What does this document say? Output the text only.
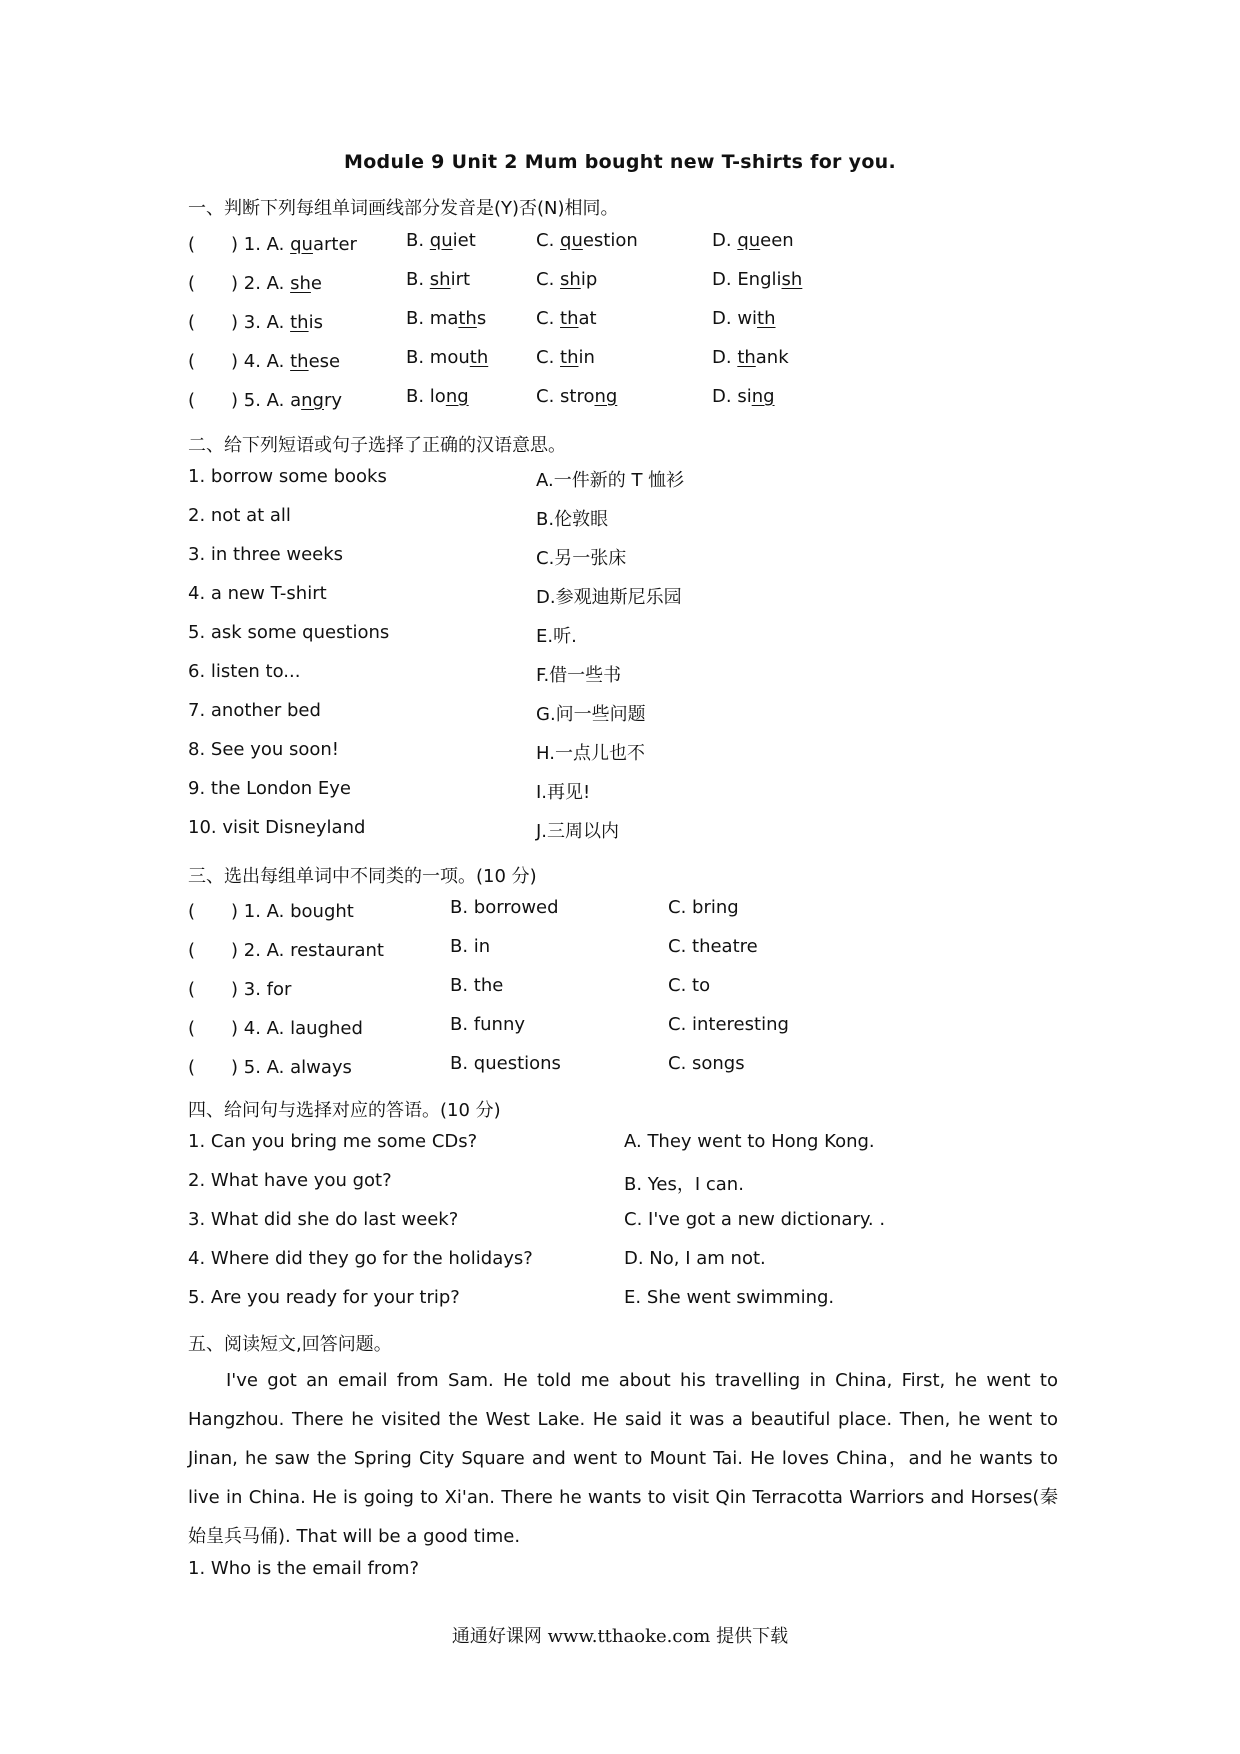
Module 9 Unit 2 Mum bought new T-shirts for you.
一、判断下列每组单词画线部分发音是(Y)否(N)相同。
(　　) 1. A. quarter	B. quiet	C. question	D. queen
(　　) 2. A. she	B. shirt	C. ship	D. English
(　　) 3. A. this	B. maths	C. that	D. with
(　　) 4. A. these	B. mouth	C. thin	D. thank
(　　) 5. A. angry	B. long	C. strong	D. sing
二、给下列短语或句子选择了正确的汉语意思。
1. borrow some books	A.一件新的 T 恤衫
2. not at all	B.伦敦眼
3. in three weeks	C.另一张床
4. a new T-shirt	D.参观迪斯尼乐园
5. ask some questions	E.听.
6. listen to...	F.借一些书
7. another bed	G.问一些问题
8. See you soon!	H.一点儿也不
9. the London Eye	I.再见!
10. visit Disneyland	J.三周以内
三、选出每组单词中不同类的一项。(10 分)
(　　) 1. A. bought	B. borrowed	C. bring
(　　) 2. A. restaurant	B. in	C. theatre
(　　) 3. for	B. the	C. to
(　　) 4. A. laughed	B. funny	C. interesting
(　　) 5. A. always	B. questions	C. songs
四、给问句与选择对应的答语。(10 分)
1. Can you bring me some CDs?	A. They went to Hong Kong.
2. What have you got?	B. Yes，I can.
3. What did she do last week?	C. I've got a new dictionary. .
4. Where did they go for the holidays?	D. No, I am not.
5. Are you ready for your trip?	E. She went swimming.
五、阅读短文,回答问题。
I've got an email from Sam. He told me about his travelling in China, First, he went to Hangzhou. There he visited the West Lake. He said it was a beautiful place. Then, he went to Jinan, he saw the Spring City Square and went to Mount Tai. He loves China，and he wants to live in China. He is going to Xi'an. There he wants to visit Qin Terracotta Warriors and Horses(秦始皇兵马俑). That will be a good time.
1. Who is the email from?
通通好课网 www.tthaoke.com 提供下载
